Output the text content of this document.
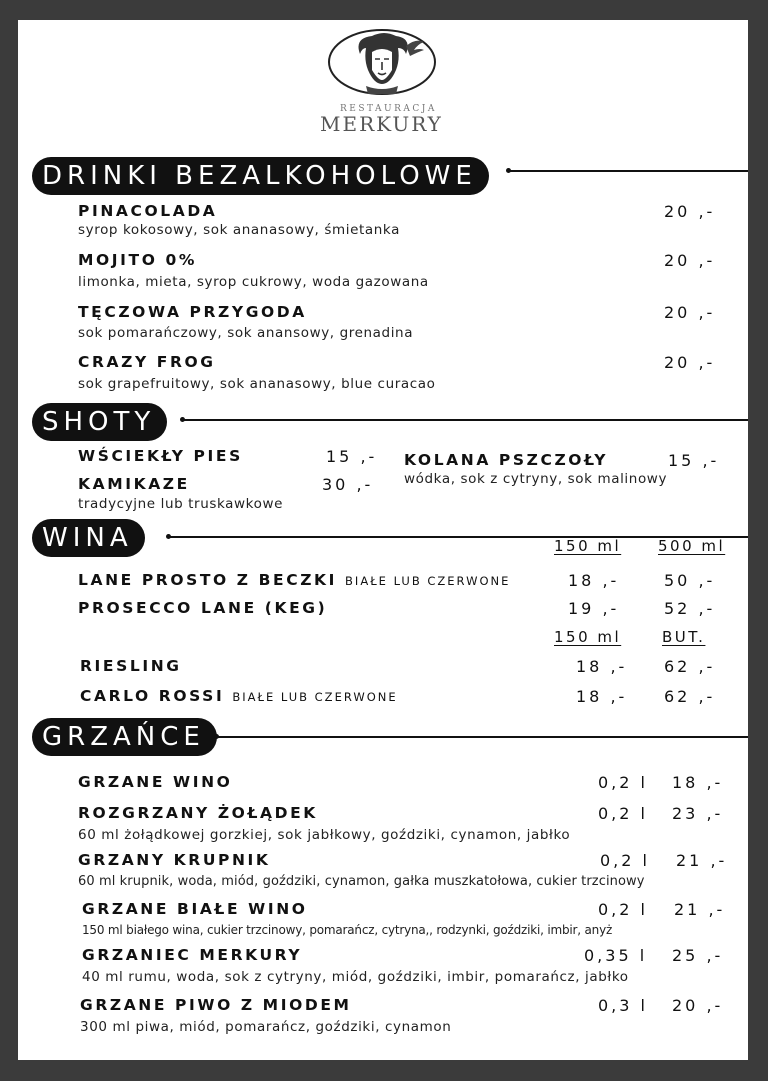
RESTAURACJA
MERKURY
DRINKI BEZALKOHOLOWE
PINACOLADA
syrop kokosowy, sok ananasowy, śmietanka
20 ,-
MOJITO 0%
limonka, mieta, syrop cukrowy, woda gazowana
20 ,-
TĘCZOWA PRZYGODA
sok pomarańczowy, sok anansowy, grenadina
20 ,-
CRAZY FROG
sok grapefruitowy, sok ananasowy, blue curacao
20 ,-
SHOTY
WŚCIEKŁY PIES	15 ,-
KAMIKAZE	30 ,-
tradycyjne lub truskawkowe
KOLANA PSZCZOŁY	15 ,-
wódka, sok z cytryny, sok malinowy
WINA	150 ml 500 ml
LANE PROSTO Z BECZKI BIAŁE LUB CZERWONE	18 ,-	50 ,-
PROSECCO LANE (KEG)	19 ,-	52 ,-
150 ml	BUT.
RIESLING	18 ,- 62 ,-
CARLO ROSSI BIAŁE LUB CZERWONE	18 ,- 62 ,-
GRZAŃCE
GRZANE WINO	0,2 l 18 ,-
ROZGRZANY ŻOŁĄDEK
60 ml żołądkowej gorzkiej, sok jabłkowy, goździki, cynamon, jabłko
0,2 l 23 ,-
GRZANY KRUPNIK
60 ml krupnik, woda, miód, goździki, cynamon, gałka muszkatołowa, cukier trzcinowy
0,2 l 21 ,-
GRZANE BIAŁE WINO
150 ml białego wina, cukier trzcinowy, pomarańcz, cytryna,, rodzynki, goździki, imbir, anyż
0,2 l 21 ,-
GRZANIEC MERKURY
40 ml rumu, woda, sok z cytryny, miód, goździki, imbir, pomarańcz, jabłko
0,35 l 25 ,-
GRZANE PIWO Z MIODEM
300 ml piwa, miód, pomarańcz, goździki, cynamon
0,3 l 20 ,-
